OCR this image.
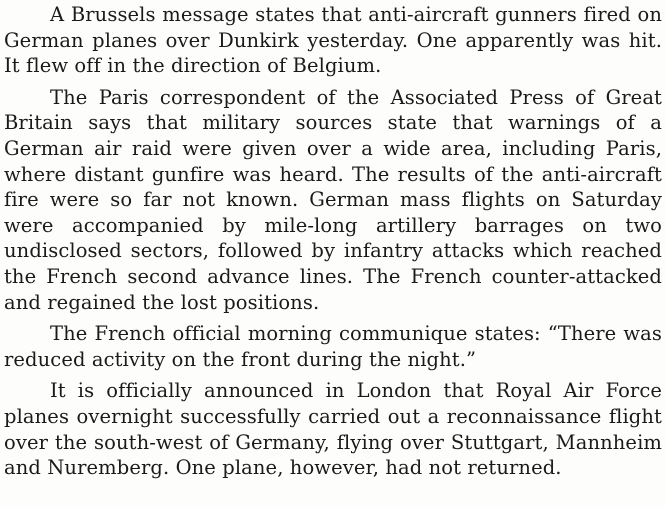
A Brussels message states that anti-aircraft gunners fired on German planes over Dunkirk yesterday. One apparently was hit. It flew off in the direction of Belgium.

The Paris correspondent of the Associated Press of Great Britain says that military sources state that warnings of a German air raid were given over a wide area, including Paris, where distant gunfire was heard. The results of the anti-aircraft fire were so far not known. German mass flights on Saturday were accompanied by mile-long artillery barrages on two undisclosed sectors, followed by infantry attacks which reached the French second advance lines. The French counter-attacked and regained the lost positions.

The French official morning communique states: “There was reduced activity on the front during the night.”

It is officially announced in London that Royal Air Force planes overnight successfully carried out a reconnaissance flight over the south-west of Germany, flying over Stuttgart, Mannheim and Nuremberg. One plane, however, had not returned.
